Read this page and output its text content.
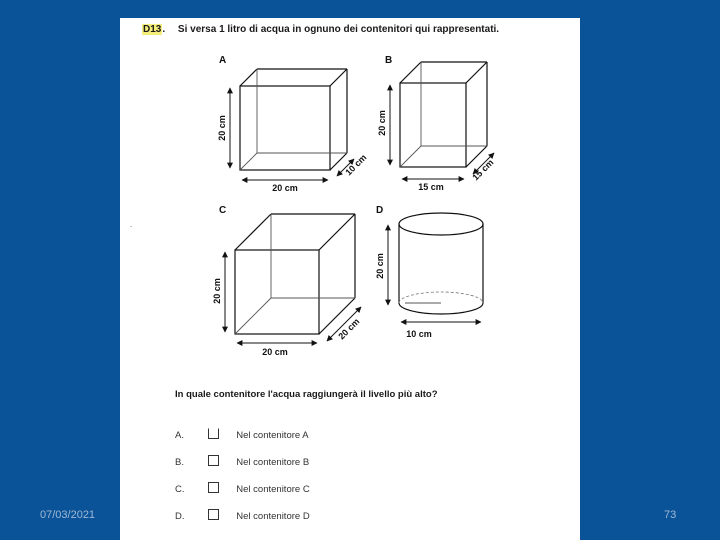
07/03/2021	73
D13. Si versa 1 litro di acqua in ognuno dei contenitori qui rappresentati.
.
A
20 cm
20 cm
10 cm
B
20 cm
15 cm
15 cm
C
20 cm
20 cm
20 cm
D
20 cm
10 cm
In quale contenitore l'acqua raggiungerà il livello più alto?
A.	Nel contenitore A
B.	Nel contenitore B
C.	Nel contenitore C
D.	Nel contenitore D
